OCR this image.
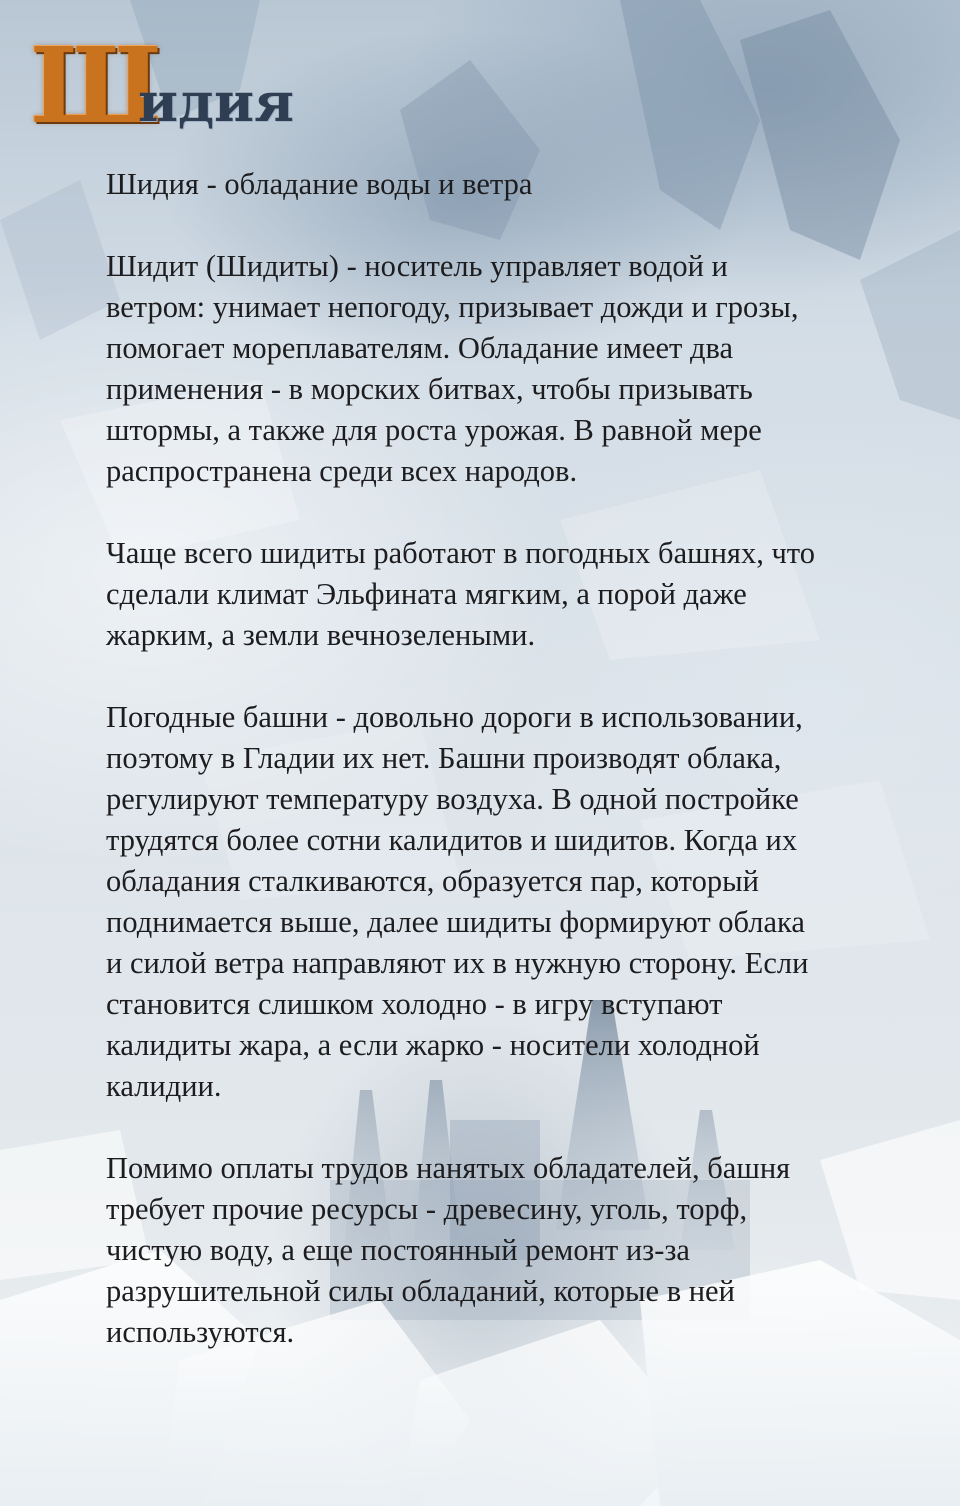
Ш
идия

Шидия - обладание воды и ветра

Шидит (Шидиты) - носитель управляет водой и
ветром: унимает непогоду, призывает дожди и грозы,
помогает мореплавателям. Обладание имеет два
применения - в морских битвах, чтобы призывать
штормы, а также для роста урожая. В равной мере
распространена среди всех народов.

Чаще всего шидиты работают в погодных башнях, что
сделали климат Эльфината мягким, а порой даже
жарким, а земли вечнозелеными.

Погодные башни - довольно дороги в использовании,
поэтому в Гладии их нет. Башни производят облака,
регулируют температуру воздуха. В одной постройке
трудятся более сотни калидитов и шидитов. Когда их
обладания сталкиваются, образуется пар, который
поднимается выше, далее шидиты формируют облака
и силой ветра направляют их в нужную сторону. Если
становится слишком холодно - в игру вступают
калидиты жара, а если жарко - носители холодной
калидии.

Помимо оплаты трудов нанятых обладателей, башня
требует прочие ресурсы - древесину, уголь, торф,
чистую воду, а еще постоянный ремонт из-за
разрушительной силы обладаний, которые в ней
используются.
